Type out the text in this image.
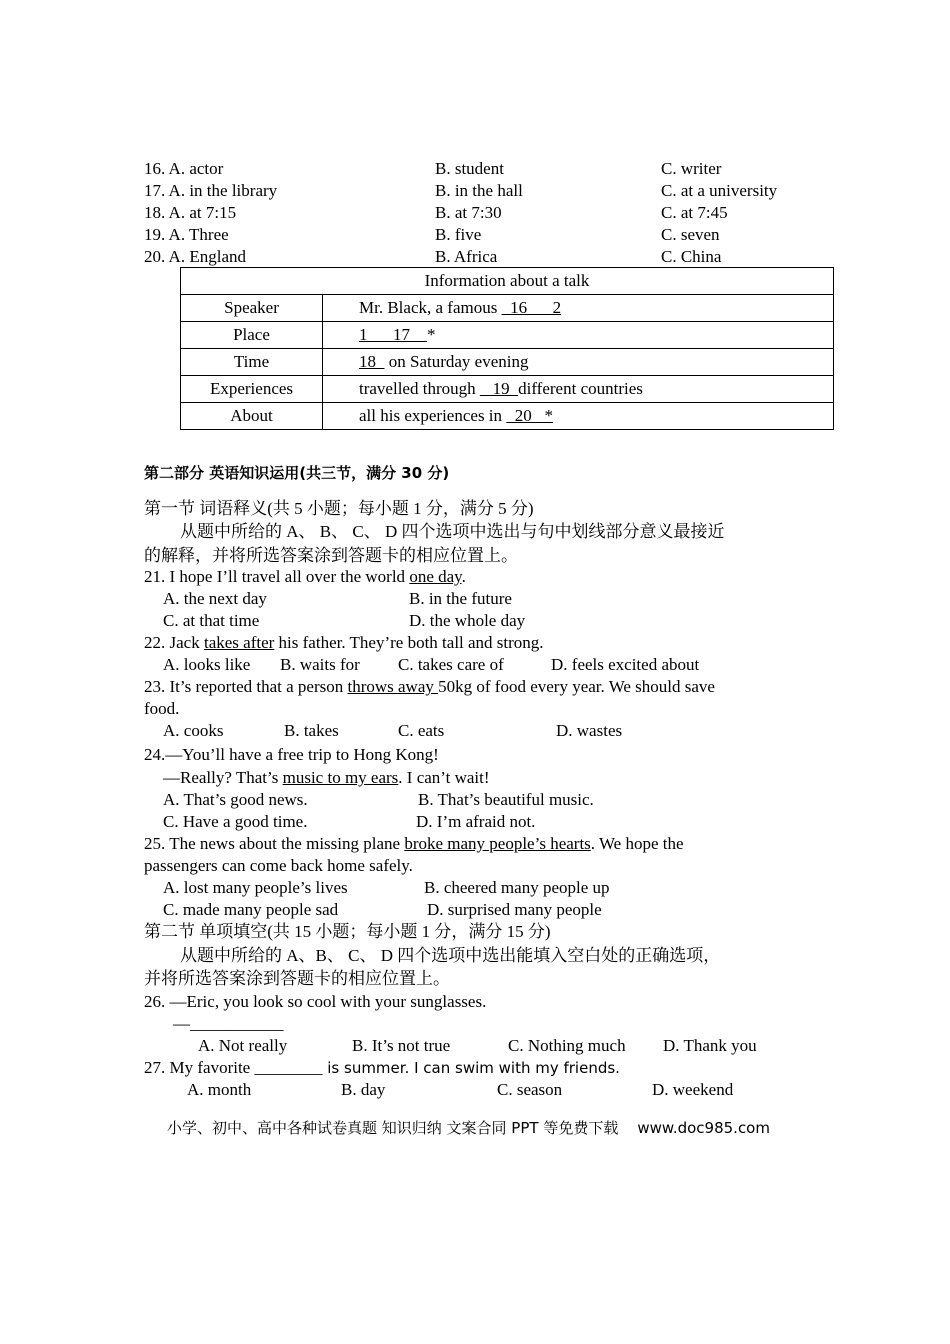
16. A. actor	B. student	C. writer
17. A. in the library	B. in the hall	C. at a university
18. A. at 7:15	B. at 7:30	C. at 7:45
19. A. Three	B. five	C. seven
20. A. England	B. Africa	C. China
Information about a talk	
Speaker	Mr. Black, a famous   16      2
Place	1      17    *
Time	18   on Saturday evening
Experiences	travelled through    19  different countries
About	all his experiences in   20   *
第二部分 英语知识运用(共三节，满分 30 分)
第一节 词语释义(共 5 小题；每小题 1 分，满分 5 分)
从题中所给的 A、 B、 C、 D 四个选项中选出与句中划线部分意义最接近
的解释，并将所选答案涂到答题卡的相应位置上。
21. I hope I’ll travel all over the world one day.
A. the next day	B. in the future
C. at that time	D. the whole day
22. Jack takes after his father. They’re both tall and strong.
A. looks like B. waits for C. takes care of	D. feels excited about
23. It’s reported that a person throws away 50kg of food every year. We should save
food.
A. cooks	B. takes	C. eats	D. wastes
24.—You’ll have a free trip to Hong Kong!
—Really? That’s music to my ears. I can’t wait!
A. That’s good news.	B. That’s beautiful music.
C. Have a good time.	D. I’m afraid not.
25. The news about the missing plane broke many people’s hearts. We hope the
passengers can come back home safely.
A. lost many people’s lives	B. cheered many people up
C. made many people sad	D. surprised many people
第二节 单项填空(共 15 小题；每小题 1 分，满分 15 分)
从题中所给的 A、B、 C、 D 四个选项中选出能填入空白处的正确选项，
并将所选答案涂到答题卡的相应位置上。
26. —Eric, you look so cool with your sunglasses.
—___________
A. Not really	B. It’s not true	C. Nothing much D. Thank you
27. My favorite ________ is summer. I can swim with my friends.
A. month	B. day	C. season	D. weekend
小学、初中、高中各种试卷真题 知识归纳 文案合同 PPT 等免费下载    www.doc985.com
